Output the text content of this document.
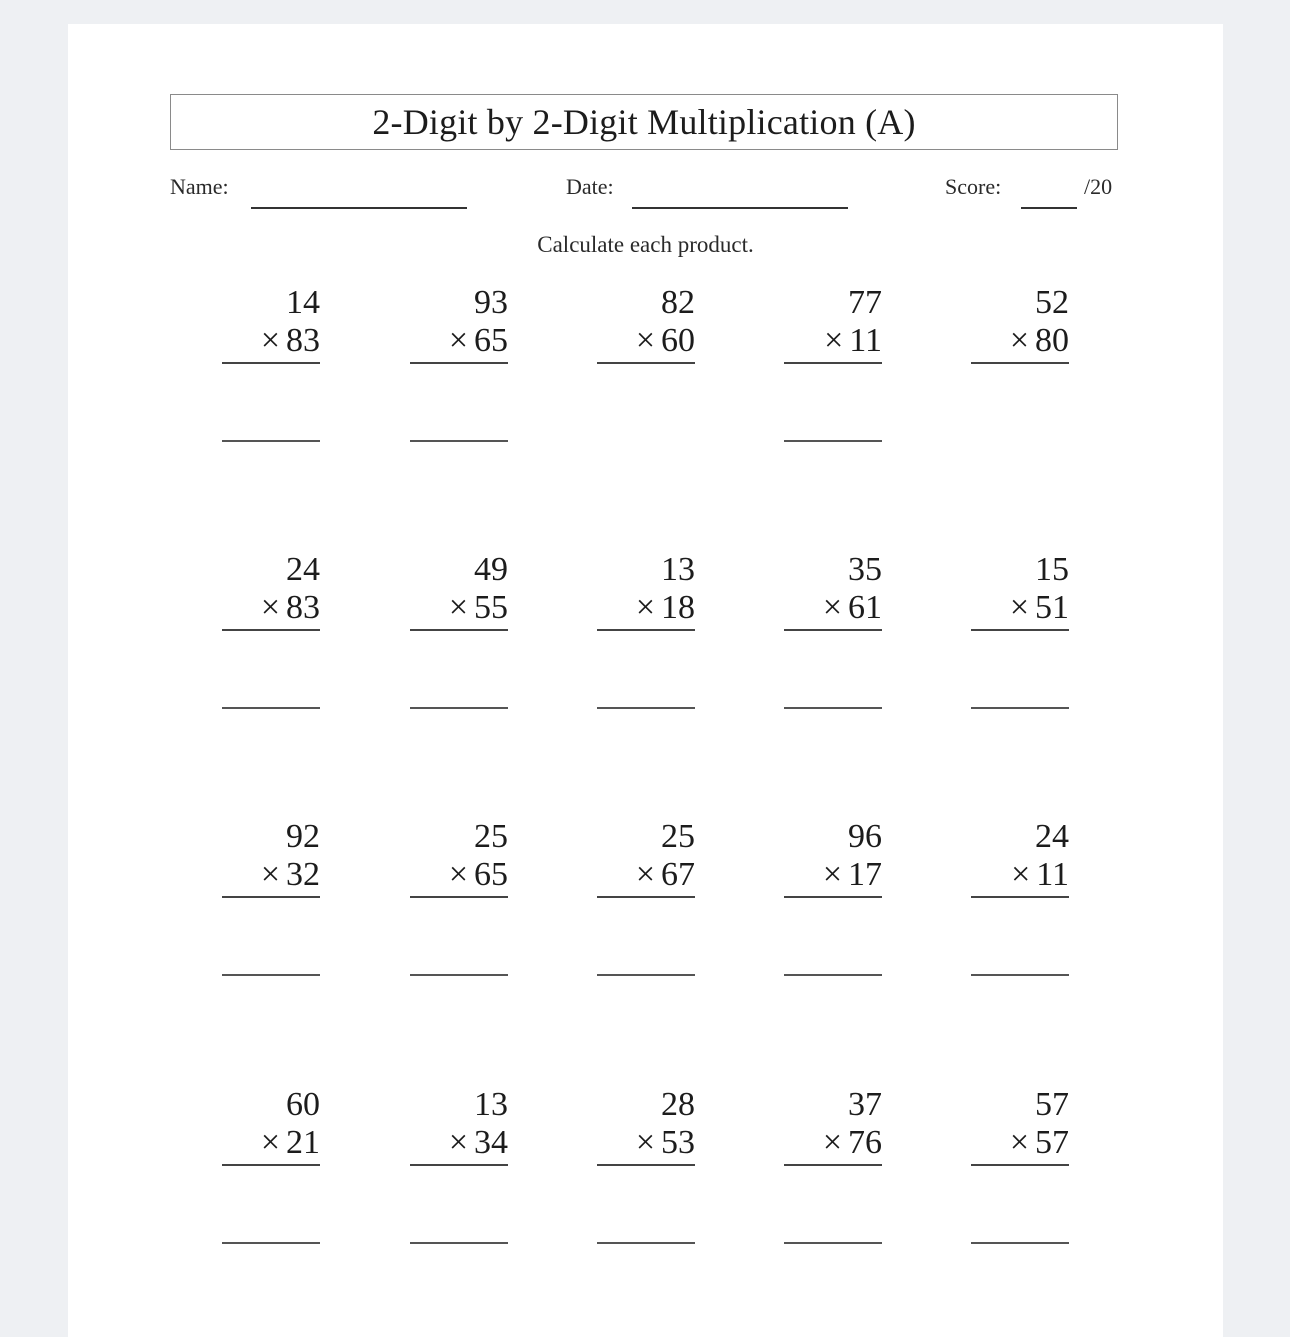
2-Digit by 2-Digit Multiplication (A)
Name:	Date:	Score:	/20
Calculate each product.
14
× 83
93
× 65
82
× 60
77
× 11
52
× 80
24
× 83
49
× 55
13
× 18
35
× 61
15
× 51
92
× 32
25
× 65
25
× 67
96
× 17
24
× 11
60
× 21
13
× 34
28
× 53
37
× 76
57
× 57
